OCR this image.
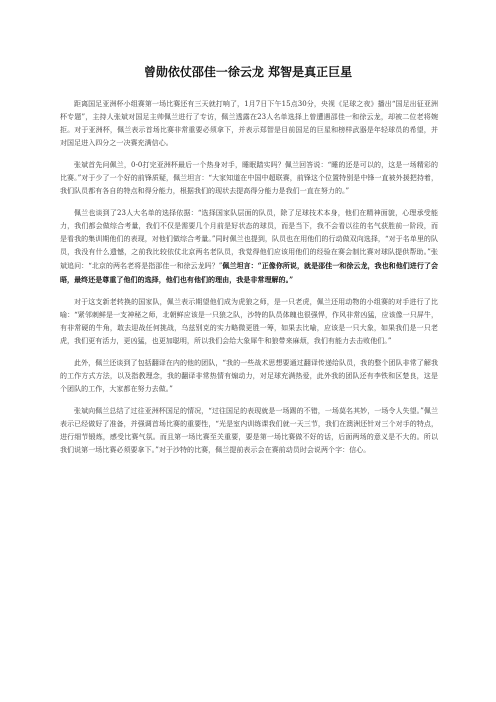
曾勋依仗邵佳一徐云龙 郑智是真正巨星

距离国足亚洲杯小组赛第一场比赛还有三天就打响了，1月7日下午15点30分，央视《足球之夜》播出“国足出征亚洲杯专题”，主持人张斌对国足主帅佩兰进行了专访，佩兰透露在23人名单选择上曾遭遇邵佳一和徐云龙，却被二位老将婉拒。对于亚洲杯，佩兰表示首场比赛非常重要必须拿下，并表示郑智是目前国足的巨星和榜样武器是年轻球员的希望，并对国足进入四分之一决赛充满信心。

张斌首先问佩兰，0-0打完亚洲杯最后一个热身对手，睡眠踏实吗？佩兰回答说：“睡的还是可以的，这是一场精彩的比赛。”对于少了一个好的前锋质疑，佩兰坦言：“大家知道在中国中超联赛，前锋这个位置特别是中锋一直被外援把持着，我们队员都有各自的特点和得分能力，根据我们的现状去提高得分能力是我们一直在努力的。”

佩兰也谈到了23人大名单的选择依据：“选择国家队层面的队员，除了足球技术本身，他们在精神面貌，心理承受能力，我们都会做综合考量，我们不仅是需要几个月前是好状态的球员，而是当下，我不会看以往的名气获胜前一阶段，而是看我的集训期他们的表现，对他们做综合考量。”同时佩兰也提到，队员也在用他们的行动做双向选择，“对于名单里的队员，我没有什么遗憾，之前我比较依仗北京两名老队员，我觉得他们应该用他们的经验在赛会制比赛对球队提供帮助。”张斌追问：“北京的两名老将是指邵佳一和徐云龙吗？”佩兰坦言：“正像你所说，就是邵佳一和徐云龙，我也和他们进行了会晤，最终还是尊重了他们的选择，他们也有他们的理由，我是非常理解的。”

对于这支新老转换的国家队，佩兰表示期望他们成为虎狼之师，是一只老虎，佩兰还用动物的小组赛的对手进行了比喻：“紧邻刺鲜是一支神秘之师，北朝鲜应该是一只狼之队，沙特的队员体魄也很强悍，作风非常凶猛，应该像一只屏牛，有非常硬的牛角，敢去迎战任何挑战，乌兹别克的实力略微更胜一筹，如果去比喻，应该是一只大象，如果我们是一只老虎，我们更有活力，更凶猛，也更加聪明，所以我们会给大象犀牛和狼带来麻烦，我们有能力去击败他们。”

此外，佩兰还谈到了包括翻译在内的他的团队，“我的一些战术思想要通过翻译传递给队员，我的整个团队非常了解我的工作方式方法，以及指教理念，我的翻译非常热情有煽动力，对足球充满热爱，此外我的团队还有李铁和区楚良，这是个团队的工作，大家都在努力去做。”

张斌向佩兰总结了过往亚洲杯国足的情况，“过往国足的表现就是一场踢的不错，一场莫名其妙，一场令人失望。”佩兰表示已经做好了准备，并强调首场比赛的重要性，“光是室内训练课我们就一天三节，我们在澳洲还针对三个对手的特点，进行细节锻炼，感受比赛气氛。而且第一场比赛至关重要，要是第一场比赛做不好的话，后面两场的意义是不大的。所以我们说第一场比赛必须要拿下。”对于沙特的比赛，佩兰提前表示会在赛前动员时会说两个字：信心。
